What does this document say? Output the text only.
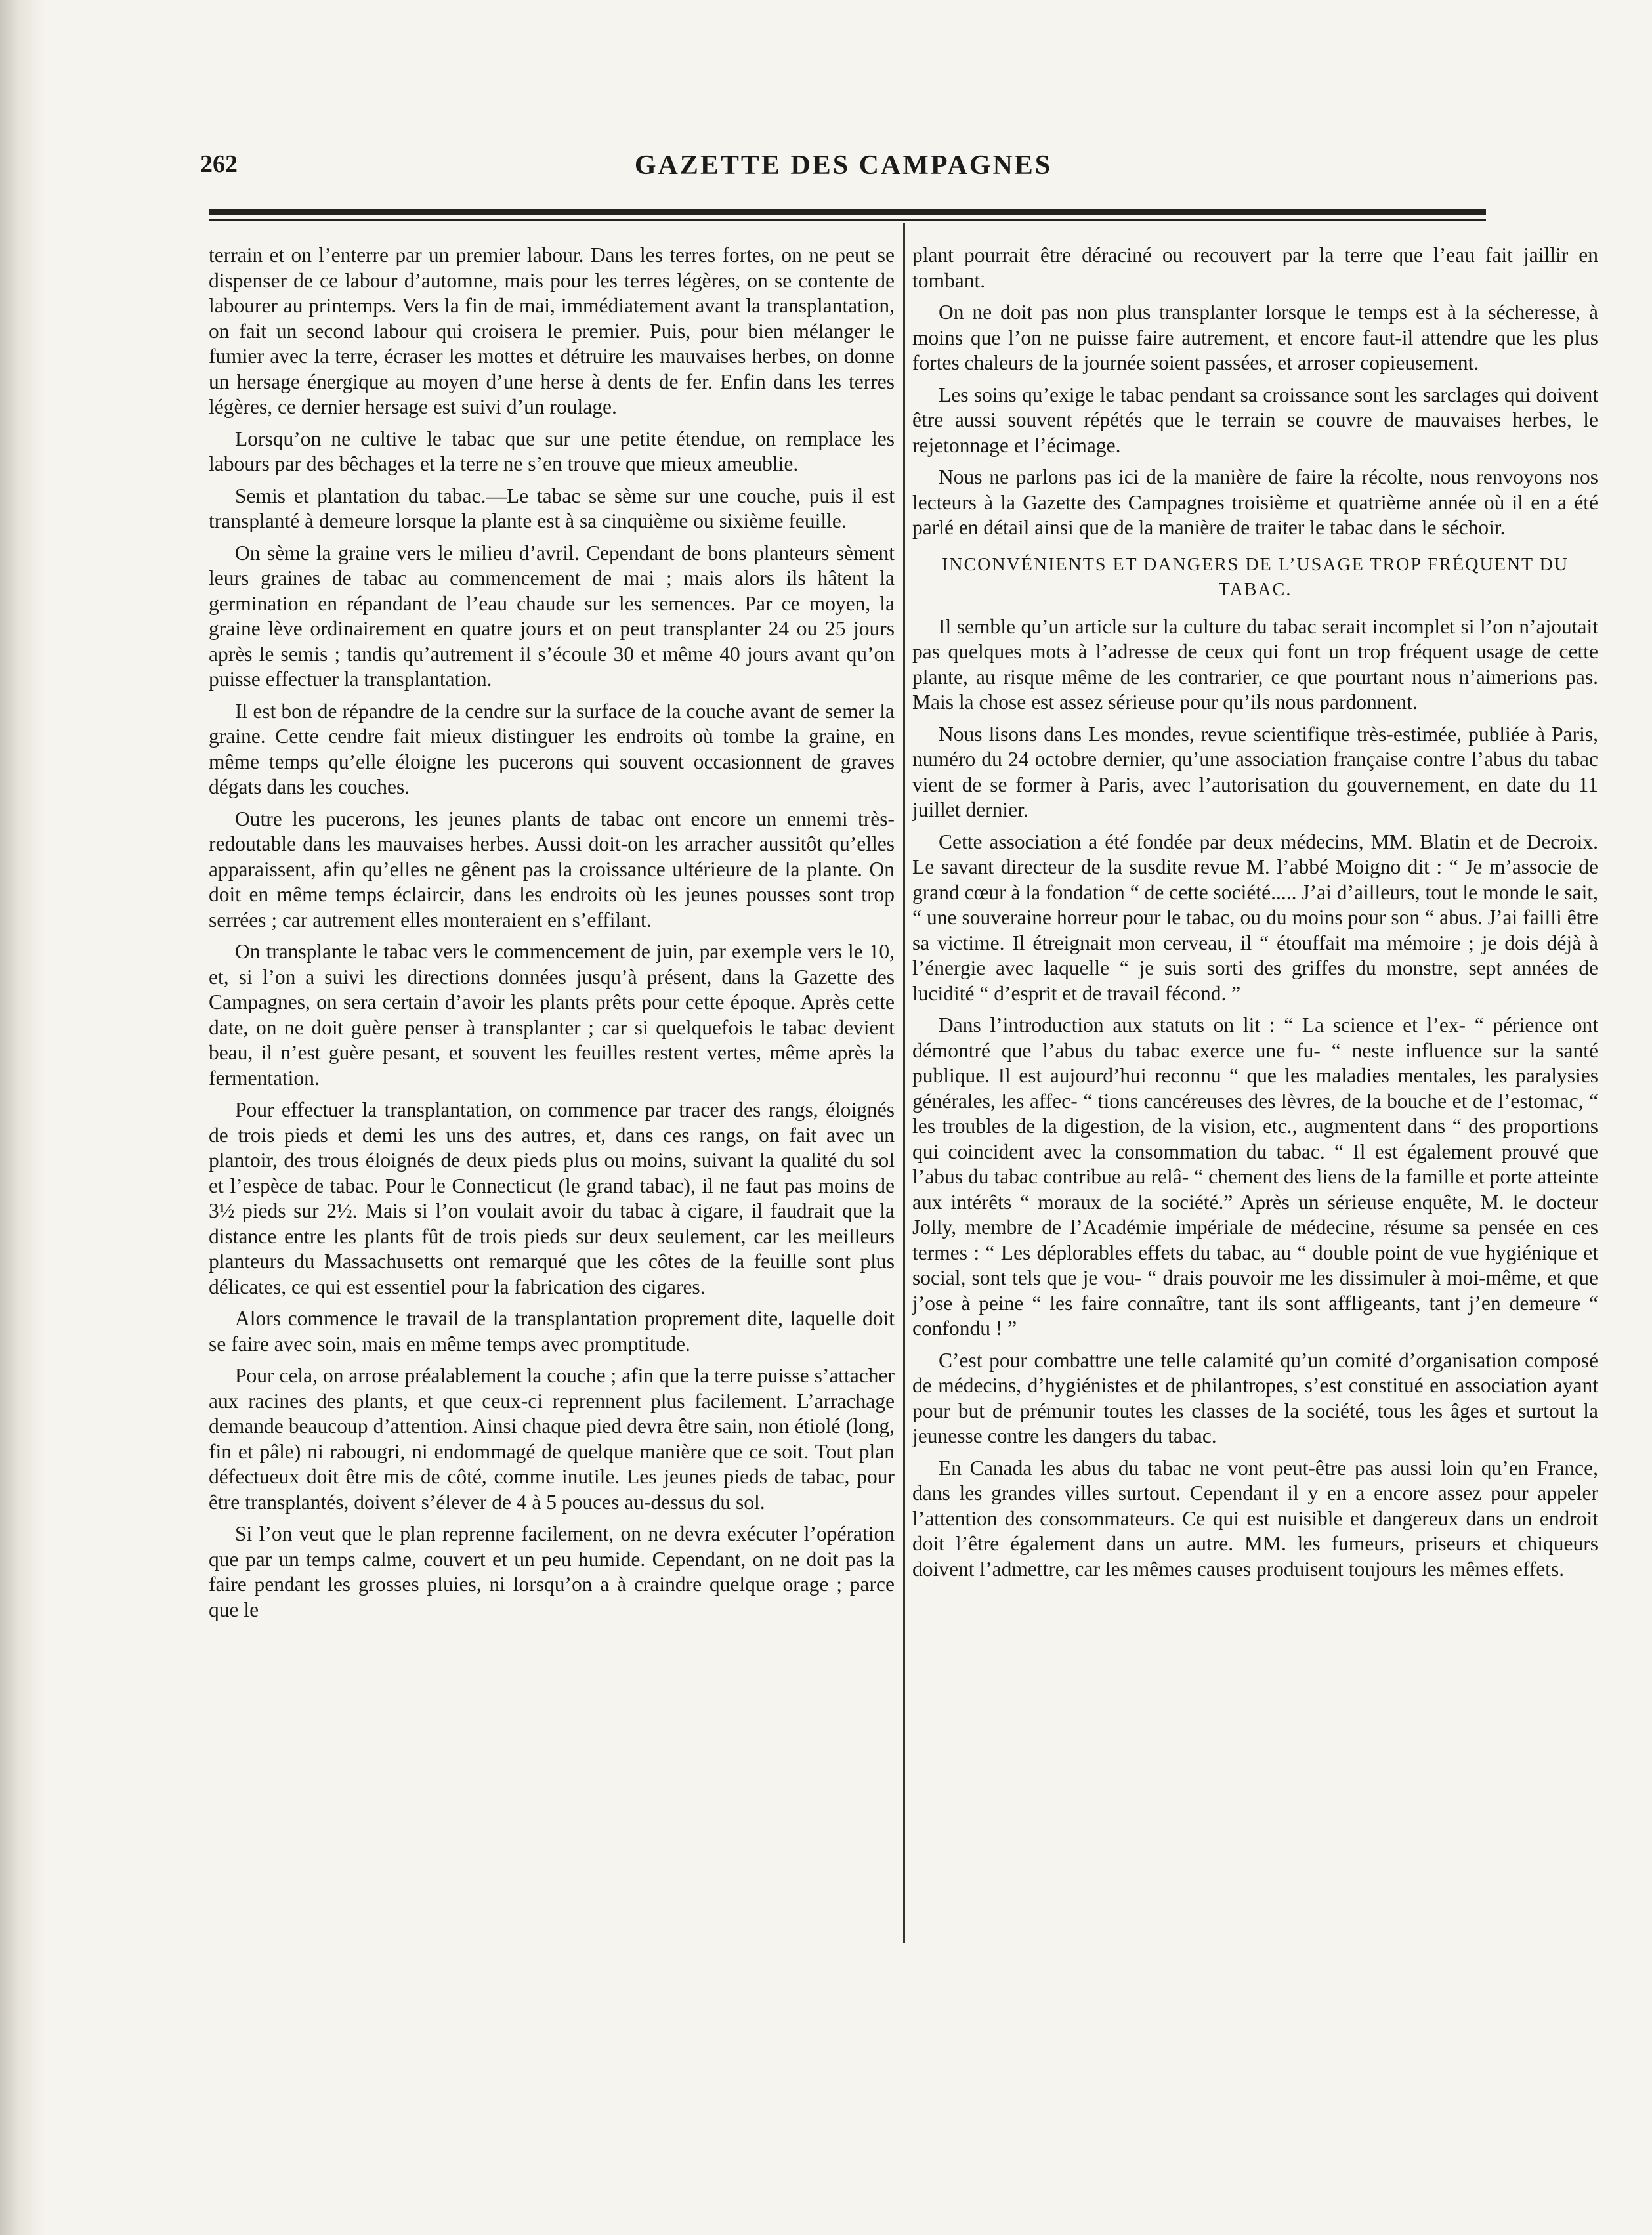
262	GAZETTE DES CAMPAGNES

terrain et on l’enterre par un premier labour. Dans les terres fortes, on ne peut se dispenser de ce labour d’automne, mais pour les terres légères, on se contente de labourer au printemps. Vers la fin de mai, immédiatement avant la transplantation, on fait un second labour qui croisera le premier. Puis, pour bien mélanger le fumier avec la terre, écraser les mottes et détruire les mauvaises herbes, on donne un hersage énergique au moyen d’une herse à dents de fer. Enfin dans les terres légères, ce dernier hersage est suivi d’un roulage.

Lorsqu’on ne cultive le tabac que sur une petite étendue, on remplace les labours par des bêchages et la terre ne s’en trouve que mieux ameublie.

Semis et plantation du tabac.—Le tabac se sème sur une couche, puis il est transplanté à demeure lorsque la plante est à sa cinquième ou sixième feuille.

On sème la graine vers le milieu d’avril. Cependant de bons planteurs sèment leurs graines de tabac au commencement de mai ; mais alors ils hâtent la germination en répandant de l’eau chaude sur les semences. Par ce moyen, la graine lève ordinairement en quatre jours et on peut transplanter 24 ou 25 jours après le semis ; tandis qu’autrement il s’écoule 30 et même 40 jours avant qu’on puisse effectuer la transplantation.

Il est bon de répandre de la cendre sur la surface de la couche avant de semer la graine. Cette cendre fait mieux distinguer les endroits où tombe la graine, en même temps qu’elle éloigne les pucerons qui souvent occasionnent de graves dégats dans les couches.

Outre les pucerons, les jeunes plants de tabac ont encore un ennemi très-redoutable dans les mauvaises herbes. Aussi doit-on les arracher aussitôt qu’elles apparaissent, afin qu’elles ne gênent pas la croissance ultérieure de la plante. On doit en même temps éclaircir, dans les endroits où les jeunes pousses sont trop serrées ; car autrement elles monteraient en s’effilant.

On transplante le tabac vers le commencement de juin, par exemple vers le 10, et, si l’on a suivi les directions données jusqu’à présent, dans la Gazette des Campagnes, on sera certain d’avoir les plants prêts pour cette époque. Après cette date, on ne doit guère penser à transplanter ; car si quelquefois le tabac devient beau, il n’est guère pesant, et souvent les feuilles restent vertes, même après la fermentation.

Pour effectuer la transplantation, on commence par tracer des rangs, éloignés de trois pieds et demi les uns des autres, et, dans ces rangs, on fait avec un plantoir, des trous éloignés de deux pieds plus ou moins, suivant la qualité du sol et l’espèce de tabac. Pour le Connecticut (le grand tabac), il ne faut pas moins de 3½ pieds sur 2½. Mais si l’on voulait avoir du tabac à cigare, il faudrait que la distance entre les plants fût de trois pieds sur deux seulement, car les meilleurs planteurs du Massachusetts ont remarqué que les côtes de la feuille sont plus délicates, ce qui est essentiel pour la fabrication des cigares.

Alors commence le travail de la transplantation proprement dite, laquelle doit se faire avec soin, mais en même temps avec promptitude.

Pour cela, on arrose préalablement la couche ; afin que la terre puisse s’attacher aux racines des plants, et que ceux-ci reprennent plus facilement. L’arrachage demande beaucoup d’attention. Ainsi chaque pied devra être sain, non étiolé (long, fin et pâle) ni rabougri, ni endommagé de quelque manière que ce soit. Tout plan défectueux doit être mis de côté, comme inutile. Les jeunes pieds de tabac, pour être transplantés, doivent s’élever de 4 à 5 pouces au-dessus du sol.

Si l’on veut que le plan reprenne facilement, on ne devra exécuter l’opération que par un temps calme, couvert et un peu humide. Cependant, on ne doit pas la faire pendant les grosses pluies, ni lorsqu’on a à craindre quelque orage ; parce que le

plant pourrait être déraciné ou recouvert par la terre que l’eau fait jaillir en tombant.

On ne doit pas non plus transplanter lorsque le temps est à la sécheresse, à moins que l’on ne puisse faire autrement, et encore faut-il attendre que les plus fortes chaleurs de la journée soient passées, et arroser copieusement.

Les soins qu’exige le tabac pendant sa croissance sont les sarclages qui doivent être aussi souvent répétés que le terrain se couvre de mauvaises herbes, le rejetonnage et l’écimage.

Nous ne parlons pas ici de la manière de faire la récolte, nous renvoyons nos lecteurs à la Gazette des Campagnes troisième et quatrième année où il en a été parlé en détail ainsi que de la manière de traiter le tabac dans le séchoir.

INCONVÉNIENTS ET DANGERS DE L’USAGE TROP FRÉQUENT DU TABAC.

Il semble qu’un article sur la culture du tabac serait incomplet si l’on n’ajoutait pas quelques mots à l’adresse de ceux qui font un trop fréquent usage de cette plante, au risque même de les contrarier, ce que pourtant nous n’aimerions pas. Mais la chose est assez sérieuse pour qu’ils nous pardonnent.

Nous lisons dans Les mondes, revue scientifique très-estimée, publiée à Paris, numéro du 24 octobre dernier, qu’une association française contre l’abus du tabac vient de se former à Paris, avec l’autorisation du gouvernement, en date du 11 juillet dernier.

Cette association a été fondée par deux médecins, MM. Blatin et de Decroix. Le savant directeur de la susdite revue M. l’abbé Moigno dit : “ Je m’associe de grand cœur à la fondation “ de cette société..... J’ai d’ailleurs, tout le monde le sait, “ une souveraine horreur pour le tabac, ou du moins pour son “ abus. J’ai failli être sa victime. Il étreignait mon cerveau, il “ étouffait ma mémoire ; je dois déjà à l’énergie avec laquelle “ je suis sorti des griffes du monstre, sept années de lucidité “ d’esprit et de travail fécond. ”

Dans l’introduction aux statuts on lit : “ La science et l’ex- “ périence ont démontré que l’abus du tabac exerce une fu- “ neste influence sur la santé publique. Il est aujourd’hui reconnu “ que les maladies mentales, les paralysies générales, les affec- “ tions cancéreuses des lèvres, de la bouche et de l’estomac, “ les troubles de la digestion, de la vision, etc., augmentent dans “ des proportions qui coincident avec la consommation du tabac. “ Il est également prouvé que l’abus du tabac contribue au relâ- “ chement des liens de la famille et porte atteinte aux intérêts “ moraux de la société.” Après un sérieuse enquête, M. le docteur Jolly, membre de l’Académie impériale de médecine, résume sa pensée en ces termes : “ Les déplorables effets du tabac, au “ double point de vue hygiénique et social, sont tels que je vou- “ drais pouvoir me les dissimuler à moi-même, et que j’ose à peine “ les faire connaître, tant ils sont affligeants, tant j’en demeure “ confondu ! ”

C’est pour combattre une telle calamité qu’un comité d’organisation composé de médecins, d’hygiénistes et de philantropes, s’est constitué en association ayant pour but de prémunir toutes les classes de la société, tous les âges et surtout la jeunesse contre les dangers du tabac.

En Canada les abus du tabac ne vont peut-être pas aussi loin qu’en France, dans les grandes villes surtout. Cependant il y en a encore assez pour appeler l’attention des consommateurs. Ce qui est nuisible et dangereux dans un endroit doit l’être également dans un autre. MM. les fumeurs, priseurs et chiqueurs doivent l’admettre, car les mêmes causes produisent toujours les mêmes effets.
